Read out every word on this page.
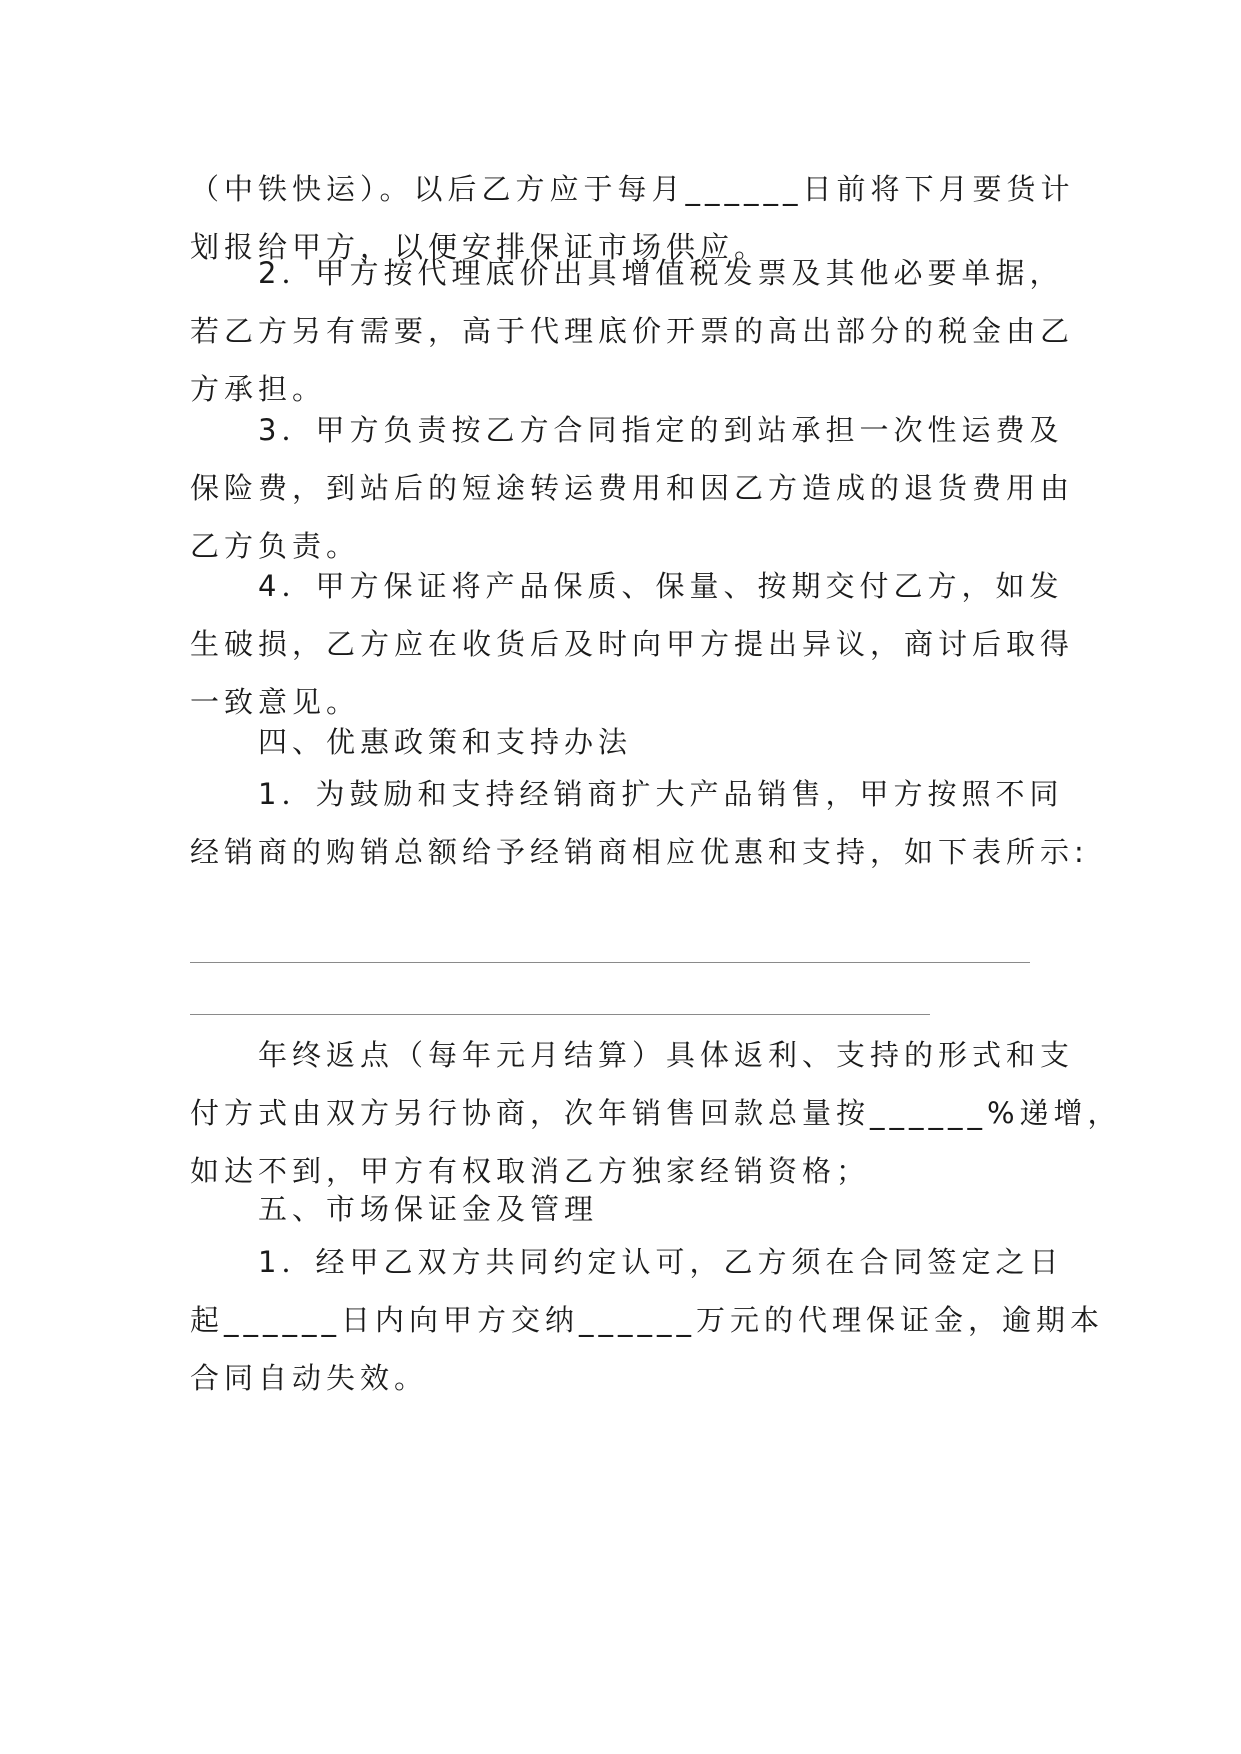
（中铁快运）。以后乙方应于每月______日前将下月要货计
划报给甲方，以便安排保证市场供应。

　　2．甲方按代理底价出具增值税发票及其他必要单据，
若乙方另有需要，高于代理底价开票的高出部分的税金由乙
方承担。

　　3．甲方负责按乙方合同指定的到站承担一次性运费及
保险费，到站后的短途转运费用和因乙方造成的退货费用由
乙方负责。

　　4．甲方保证将产品保质、保量、按期交付乙方，如发
生破损，乙方应在收货后及时向甲方提出异议，商讨后取得
一致意见。

　　四、优惠政策和支持办法

　　1．为鼓励和支持经销商扩大产品销售，甲方按照不同
经销商的购销总额给予经销商相应优惠和支持，如下表所示:

　　年终返点（每年元月结算）具体返利、支持的形式和支
付方式由双方另行协商，次年销售回款总量按______%递增，
如达不到，甲方有权取消乙方独家经销资格；

　　五、市场保证金及管理

　　1．经甲乙双方共同约定认可，乙方须在合同签定之日
起______日内向甲方交纳______万元的代理保证金，逾期本
合同自动失效。
